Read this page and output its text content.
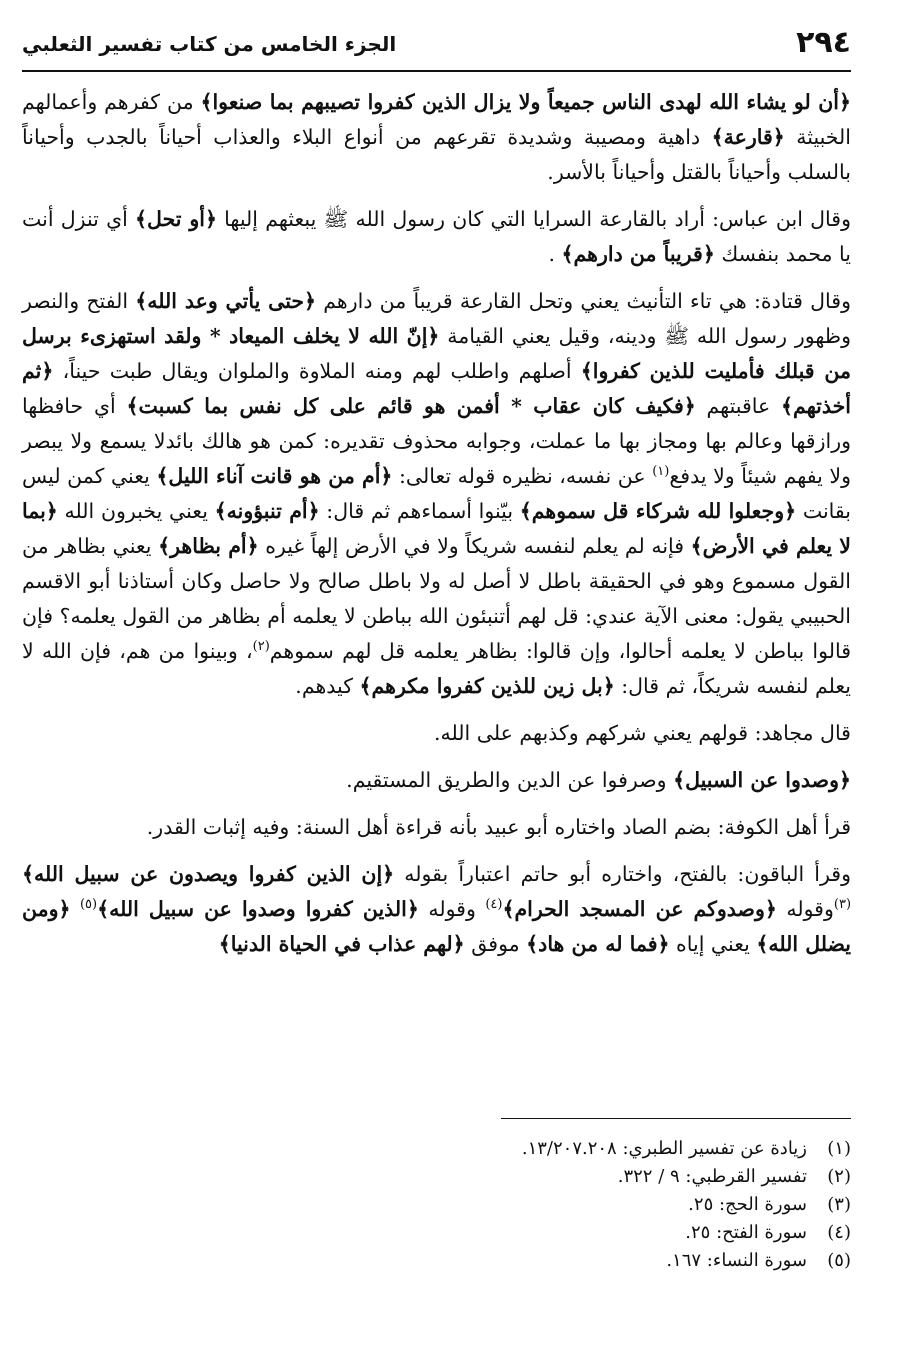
٢٩٤
الجزء الخامس من كتاب تفسير الثعلبي

﴿أن لو يشاء الله لهدى الناس جميعاً ولا يزال الذين كفروا تصيبهم بما صنعوا﴾ من كفرهم وأعمالهم الخبيثة ﴿قارعة﴾ داهية ومصيبة وشديدة تقرعهم من أنواع البلاء والعذاب أحياناً بالجدب وأحياناً بالسلب وأحياناً بالقتل وأحياناً بالأسر.

وقال ابن عباس: أراد بالقارعة السرايا التي كان رسول الله ﷺ يبعثهم إليها ﴿أو تحل﴾ أي تنزل أنت يا محمد بنفسك ﴿قريباً من دارهم﴾ .

وقال قتادة: هي تاء التأنيث يعني وتحل القارعة قريباً من دارهم ﴿حتى يأتي وعد الله﴾ الفتح والنصر وظهور رسول الله ﷺ ودينه، وقيل يعني القيامة ﴿إنّ الله لا يخلف الميعاد * ولقد استهزىء برسل من قبلك فأمليت للذين كفروا﴾ أصلهم واطلب لهم ومنه الملاوة والملوان ويقال طبت حيناً، ﴿ثم أخذتهم﴾ عاقبتهم ﴿فكيف كان عقاب * أفمن هو قائم على كل نفس بما كسبت﴾ أي حافظها ورازقها وعالم بها ومجاز بها ما عملت، وجوابه محذوف تقديره: كمن هو هالك بائدلا يسمع ولا يبصر ولا يفهم شيئاً ولا يدفع$^{(١)}$ عن نفسه، نظيره قوله تعالى: ﴿أم من هو قانت آناء الليل﴾ يعني كمن ليس بقانت ﴿وجعلوا لله شركاء قل سموهم﴾ بيّنوا أسماءهم ثم قال: ﴿أم تنبؤونه﴾ يعني يخبرون الله ﴿بما لا يعلم في الأرض﴾ فإنه لم يعلم لنفسه شريكاً ولا في الأرض إلهاً غيره ﴿أم بظاهر﴾ يعني بظاهر من القول مسموع وهو في الحقيقة باطل لا أصل له ولا باطل صالح ولا حاصل وكان أستاذنا أبو الاقسم الحبيبي يقول: معنى الآية عندي: قل لهم أتنبئون الله بباطن لا يعلمه أم بظاهر من القول يعلمه؟ فإن قالوا بباطن لا يعلمه أحالوا، وإن قالوا: بظاهر يعلمه قل لهم سموهم$^{(٢)}$، وبينوا من هم، فإن الله لا يعلم لنفسه شريكاً، ثم قال: ﴿بل زين للذين كفروا مكرهم﴾ كيدهم.

قال مجاهد: قولهم يعني شركهم وكذبهم على الله.

﴿وصدوا عن السبيل﴾ وصرفوا عن الدين والطريق المستقيم.

قرأ أهل الكوفة: بضم الصاد واختاره أبو عبيد بأنه قراءة أهل السنة: وفيه إثبات القدر.

وقرأ الباقون: بالفتح، واختاره أبو حاتم اعتباراً بقوله ﴿إن الذين كفروا ويصدون عن سبيل الله﴾$^{(٣)}$وقوله ﴿وصدوكم عن المسجد الحرام﴾$^{(٤)}$ وقوله ﴿الذين كفروا وصدوا عن سبيل الله﴾$^{(٥)}$ ﴿ومن يضلل الله﴾ يعني إياه ﴿فما له من هاد﴾ موفق ﴿لهم عذاب في الحياة الدنيا﴾

(١)زيادة عن تفسير الطبري: ١٣/٢٠٧.٢٠٨.
(٢)تفسير القرطبي: ٩ / ٣٢٢.
(٣)سورة الحج: ٢٥.
(٤)سورة الفتح: ٢٥.
(٥)سورة النساء: ١٦٧.
